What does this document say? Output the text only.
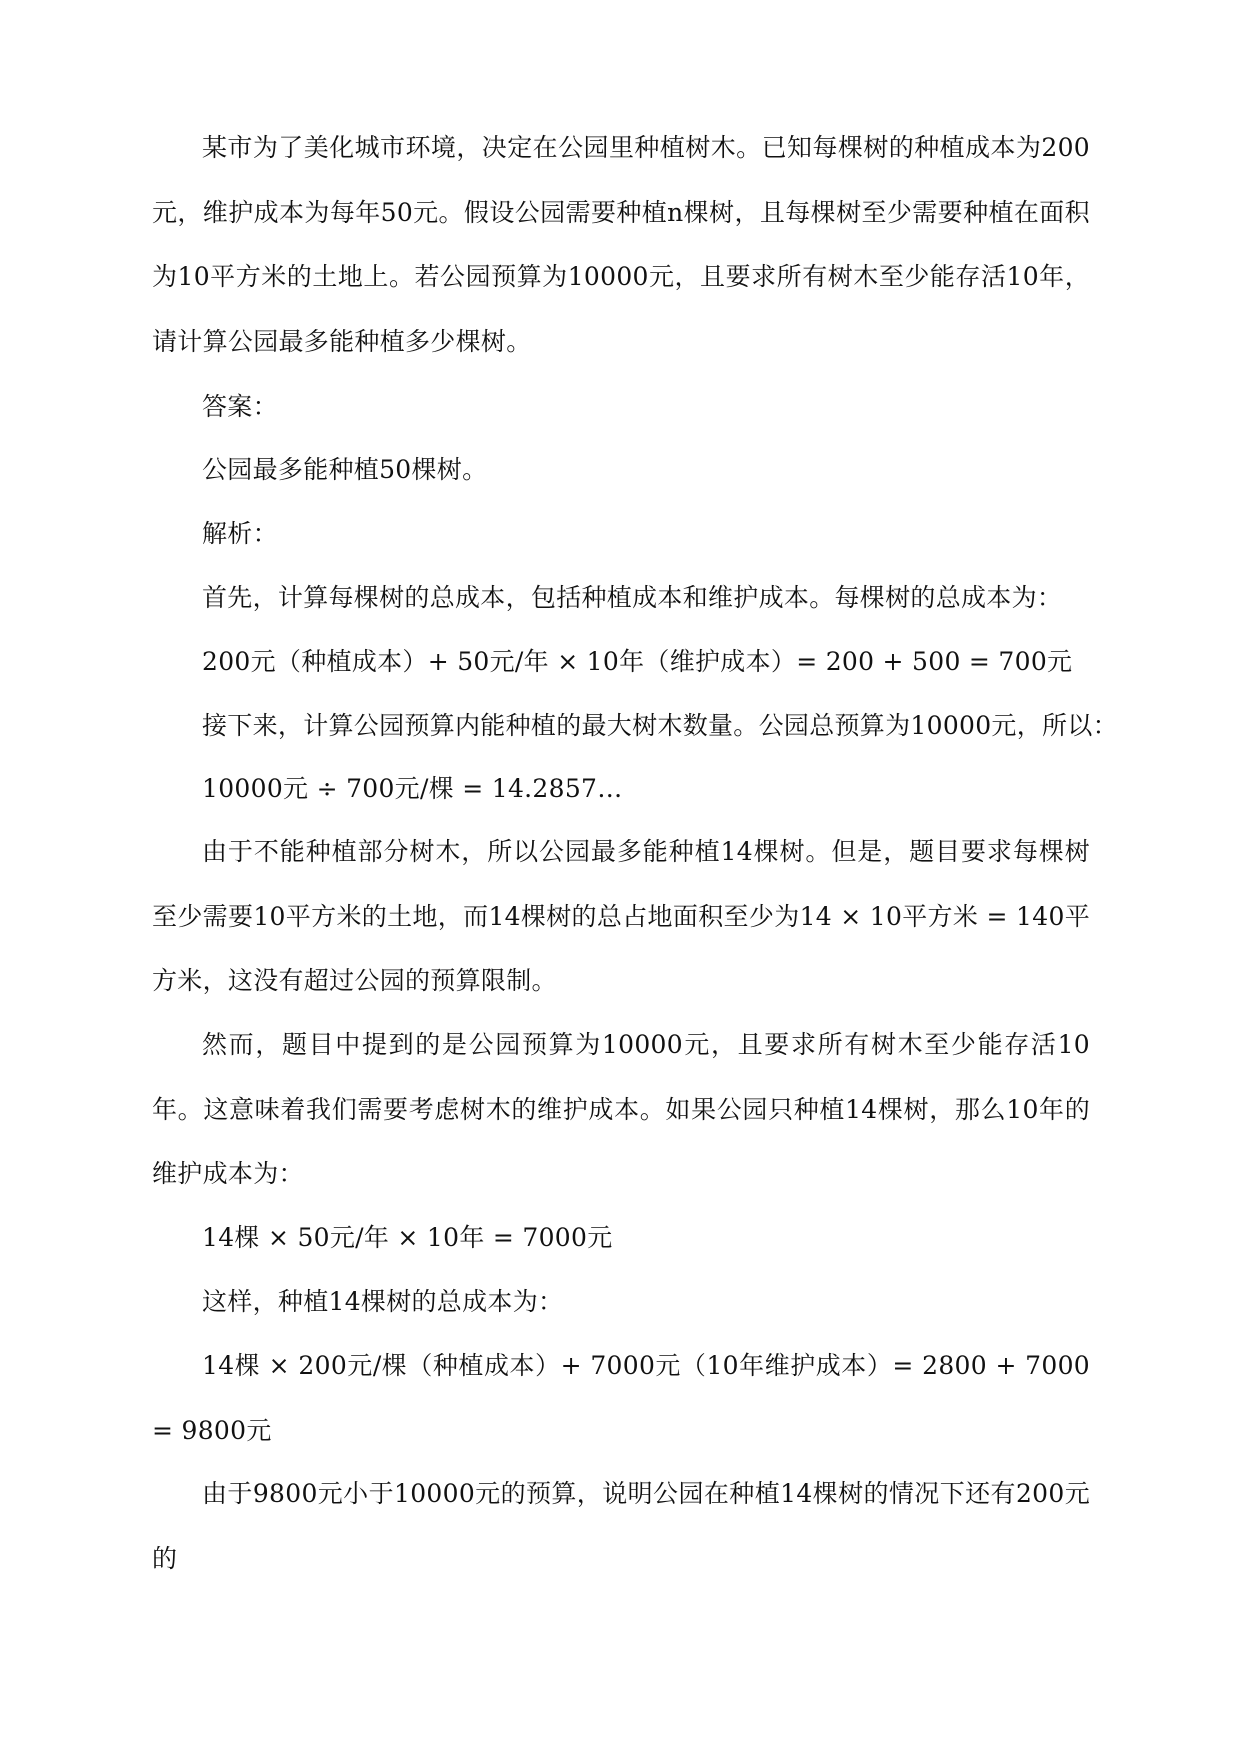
某市为了美化城市环境，决定在公园里种植树木。已知每棵树的种植成本为200元，维护成本为每年50元。假设公园需要种植n棵树，且每棵树至少需要种植在面积为10平方米的土地上。若公园预算为10000元，且要求所有树木至少能存活10年，请计算公园最多能种植多少棵树。

答案：

公园最多能种植50棵树。

解析：

首先，计算每棵树的总成本，包括种植成本和维护成本。每棵树的总成本为：

200元（种植成本）+ 50元/年 × 10年（维护成本）= 200 + 500 = 700元

接下来，计算公园预算内能种植的最大树木数量。公园总预算为10000元，所以：

10000元 ÷ 700元/棵 = 14.2857…

由于不能种植部分树木，所以公园最多能种植14棵树。但是，题目要求每棵树至少需要10平方米的土地，而14棵树的总占地面积至少为14 × 10平方米 = 140平方米，这没有超过公园的预算限制。

然而，题目中提到的是公园预算为10000元，且要求所有树木至少能存活10年。这意味着我们需要考虑树木的维护成本。如果公园只种植14棵树，那么10年的维护成本为：

14棵 × 50元/年 × 10年 = 7000元

这样，种植14棵树的总成本为：

14棵 × 200元/棵（种植成本）+ 7000元（10年维护成本）= 2800 + 7000 = 9800元

由于9800元小于10000元的预算，说明公园在种植14棵树的情况下还有200元的
